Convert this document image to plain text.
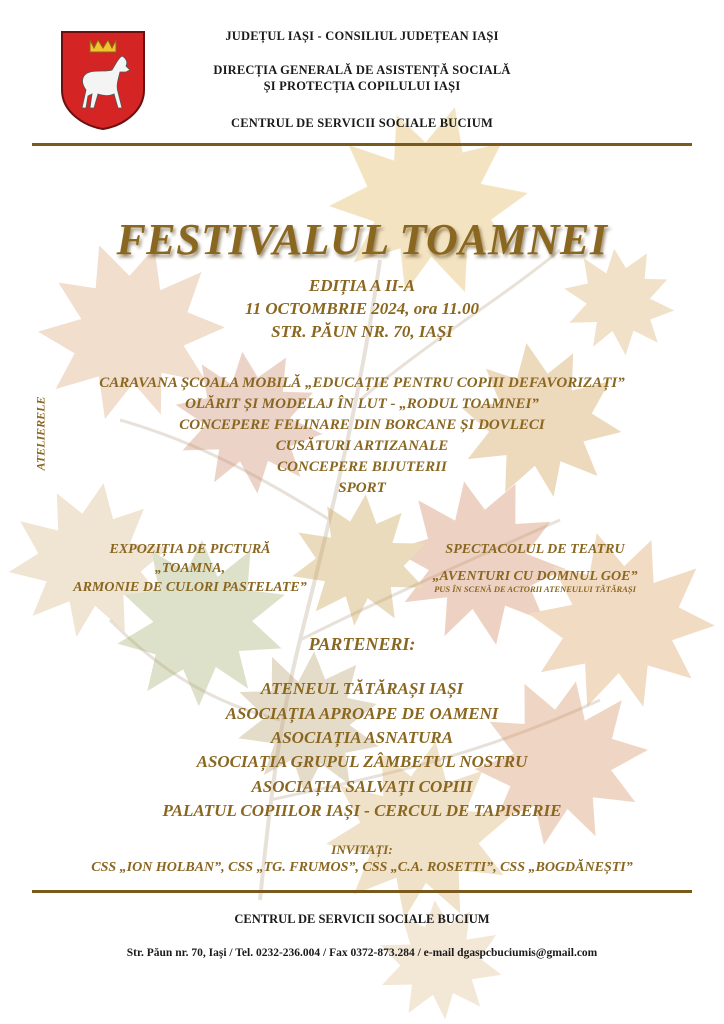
JUDEȚUL IAȘI - CONSILIUL JUDEȚEAN IAȘI
DIRECȚIA GENERALĂ DE ASISTENȚĂ SOCIALĂ
ȘI PROTECȚIA COPILULUI IAȘI
CENTRUL DE SERVICII SOCIALE BUCIUM
FESTIVALUL TOAMNEI
EDIȚIA A II-A
11 OCTOMBRIE 2024, ora 11.00
STR. PĂUN NR. 70, IAȘI
ATELIERELE
CARAVANA ȘCOALA MOBILĂ „EDUCAȚIE PENTRU COPIII DEFAVORIZAȚI”
OLĂRIT ȘI MODELAJ ÎN LUT - „RODUL TOAMNEI”
CONCEPERE FELINARE DIN BORCANE ȘI DOVLECI
CUSĂTURI ARTIZANALE
CONCEPERE BIJUTERII
SPORT
EXPOZIȚIA DE PICTURĂ
„TOAMNA,
ARMONIE DE CULORI PASTELATE”
SPECTACOLUL DE TEATRU
„AVENTURI CU DOMNUL GOE”
PUS ÎN SCENĂ DE ACTORII ATENEULUI TĂTĂRAȘI
PARTENERI:
ATENEUL TĂTĂRAȘI IAȘI
ASOCIAȚIA APROAPE DE OAMENI
ASOCIAȚIA ASNATURA
ASOCIAȚIA GRUPUL ZÂMBETUL NOSTRU
ASOCIAȚIA SALVAȚI COPIII
PALATUL COPIILOR IAȘI - CERCUL DE TAPISERIE
INVITAȚI:
CSS „ION HOLBAN”, CSS „TG. FRUMOS”, CSS „C.A. ROSETTI”, CSS „BOGDĂNEȘTI”
CENTRUL DE SERVICII SOCIALE BUCIUM
Str. Păun nr. 70, Iași / Tel. 0232-236.004 / Fax 0372-873.284 / e-mail dgaspcbuciumis@gmail.com
